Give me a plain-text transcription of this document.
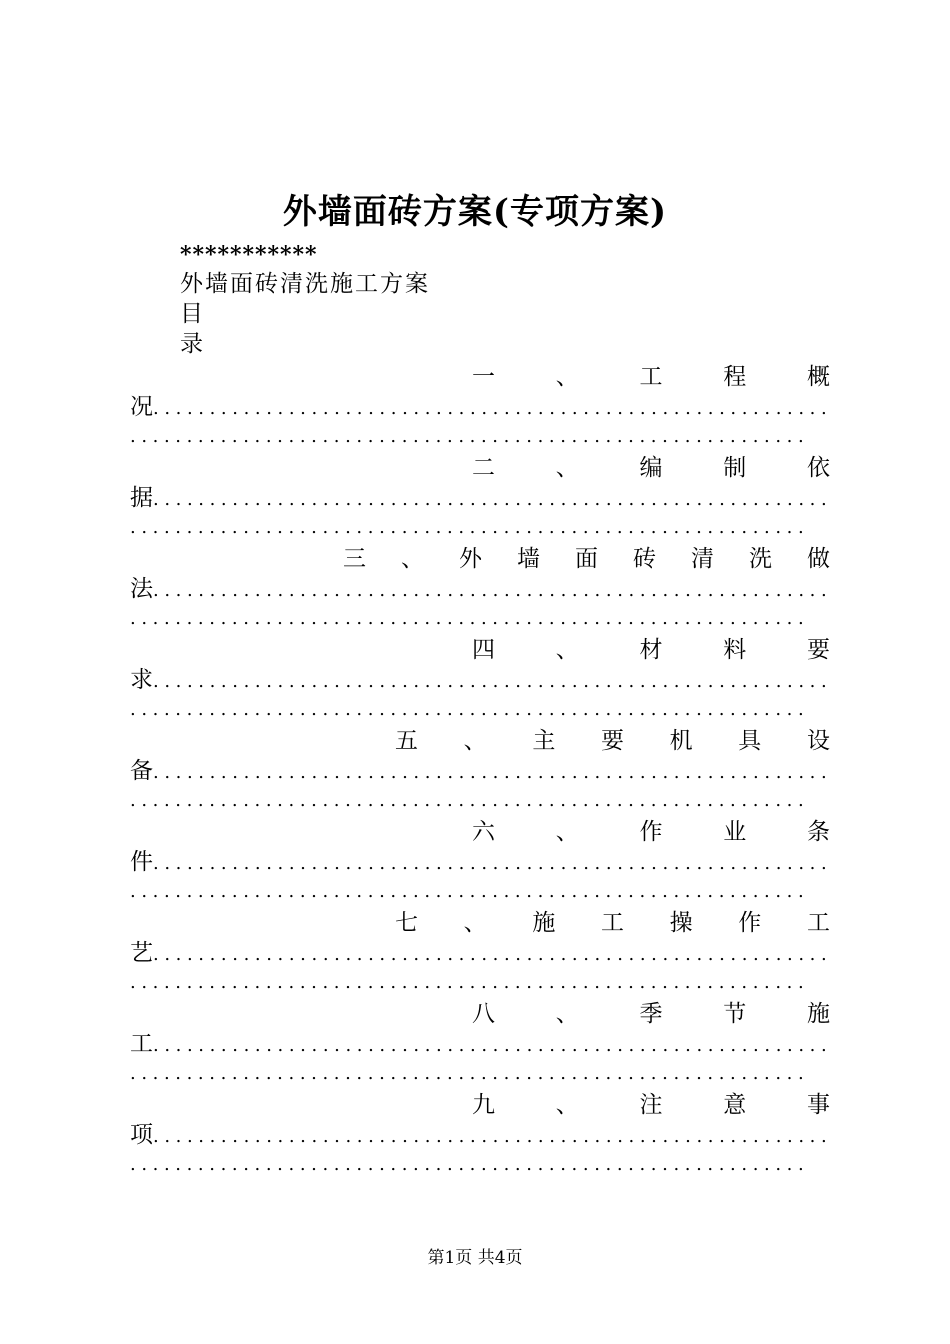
外墙面砖方案(专项方案)
***********
外墙面砖清洗施工方案
目
录
一	、	工	程	概
况............................................................
............................................................
二	、	编	制	依
据............................................................
............................................................
三 、 外 墙 面 砖 清 洗 做
法............................................................
............................................................
四	、	材	料	要
求............................................................
............................................................
五 、 主 要 机 具 设
备............................................................
............................................................
六	、	作	业	条
件............................................................
............................................................
七 、 施 工 操 作 工
艺............................................................
............................................................
八	、	季	节	施
工............................................................
............................................................
九	、	注	意	事
项............................................................
............................................................
第1页 共4页
